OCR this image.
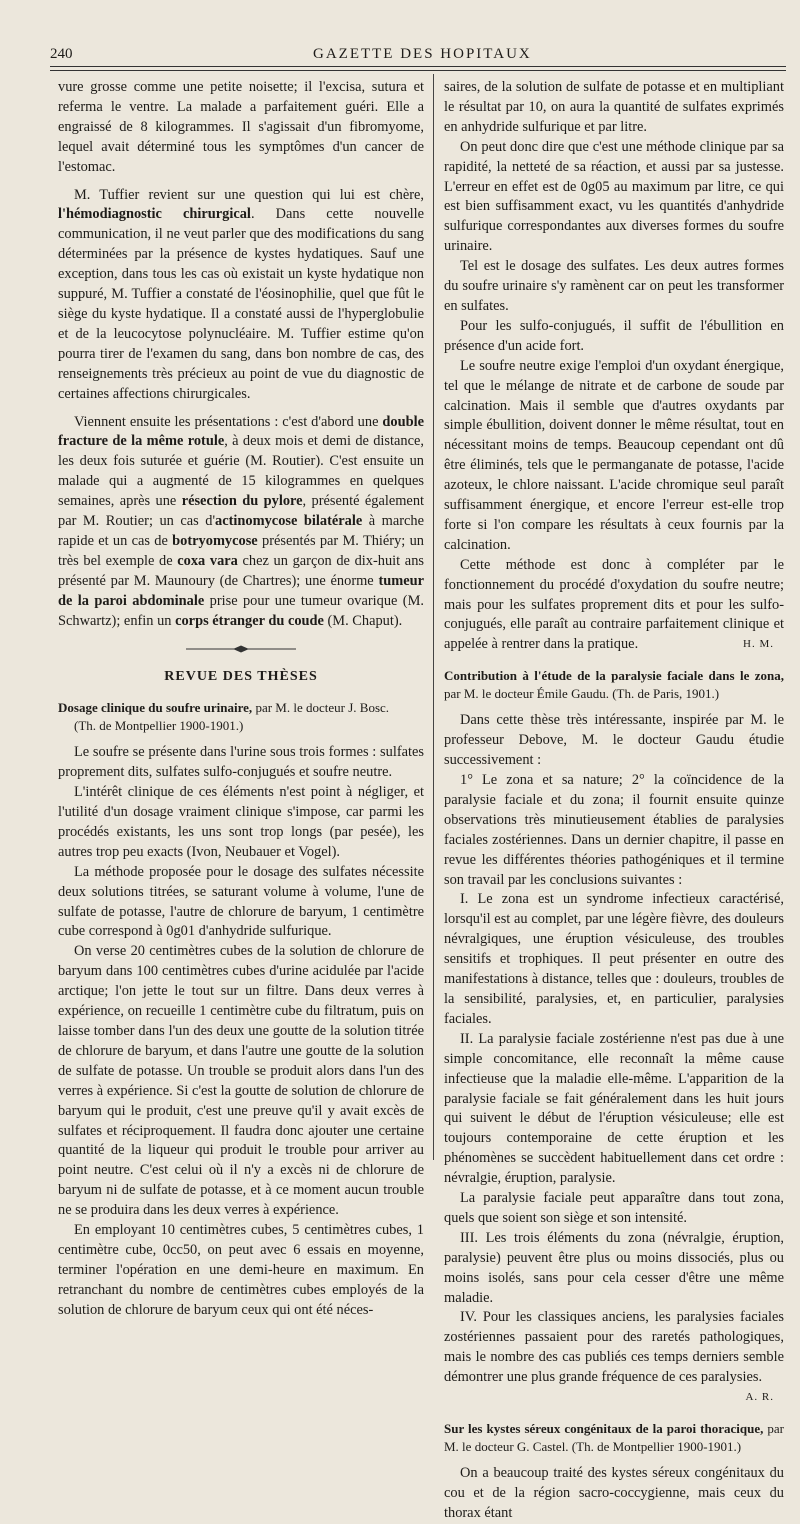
240	GAZETTE DES HOPITAUX

vure grosse comme une petite noisette; il l'excisa, sutura et referma le ventre. La malade a parfaitement guéri. Elle a engraissé de 8 kilogrammes. Il s'agissait d'un fibromyome, lequel avait déterminé tous les symptômes d'un cancer de l'estomac.

M. Tuffier revient sur une question qui lui est chère, l'hémodiagnostic chirurgical. Dans cette nouvelle communication, il ne veut parler que des modifications du sang déterminées par la présence de kystes hydatiques. Sauf une exception, dans tous les cas où existait un kyste hydatique non suppuré, M. Tuffier a constaté de l'éosinophilie, quel que fût le siège du kyste hydatique. Il a constaté aussi de l'hyperglobulie et de la leucocytose polynucléaire. M. Tuffier estime qu'on pourra tirer de l'examen du sang, dans bon nombre de cas, des renseignements très précieux au point de vue du diagnostic de certaines affections chirurgicales.

Viennent ensuite les présentations : c'est d'abord une double fracture de la même rotule, à deux mois et demi de distance, les deux fois suturée et guérie (M. Routier). C'est ensuite un malade qui a augmenté de 15 kilogrammes en quelques semaines, après une résection du pylore, présenté également par M. Routier; un cas d'actinomycose bilatérale à marche rapide et un cas de botryomycose présentés par M. Thiéry; un très bel exemple de coxa vara chez un garçon de dix-huit ans présenté par M. Maunoury (de Chartres); une énorme tumeur de la paroi abdominale prise pour une tumeur ovarique (M. Schwartz); enfin un corps étranger du coude (M. Chaput).

REVUE DES THÈSES
Dosage clinique du soufre urinaire, par M. le docteur J. Bosc.
(Th. de Montpellier 1900-1901.)

Le soufre se présente dans l'urine sous trois formes : sulfates proprement dits, sulfates sulfo-conjugués et soufre neutre.

L'intérêt clinique de ces éléments n'est point à négliger, et l'utilité d'un dosage vraiment clinique s'impose, car parmi les procédés existants, les uns sont trop longs (par pesée), les autres trop peu exacts (Ivon, Neubauer et Vogel).

La méthode proposée pour le dosage des sulfates nécessite deux solutions titrées, se saturant volume à volume, l'une de sulfate de potasse, l'autre de chlorure de baryum, 1 centimètre cube correspond à 0g01 d'anhydride sulfurique.

On verse 20 centimètres cubes de la solution de chlorure de baryum dans 100 centimètres cubes d'urine acidulée par l'acide arctique; l'on jette le tout sur un filtre. Dans deux verres à expérience, on recueille 1 centimètre cube du filtratum, puis on laisse tomber dans l'un des deux une goutte de la solution titrée de chlorure de baryum, et dans l'autre une goutte de la solution de sulfate de potasse. Un trouble se produit alors dans l'un des verres à expérience. Si c'est la goutte de solution de chlorure de baryum qui le produit, c'est une preuve qu'il y avait excès de sulfates et réciproquement. Il faudra donc ajouter une certaine quantité de la liqueur qui produit le trouble pour arriver au point neutre. C'est celui où il n'y a excès ni de chlorure de baryum ni de sulfate de potasse, et à ce moment aucun trouble ne se produira dans les deux verres à expérience.

En employant 10 centimètres cubes, 5 centimètres cubes, 1 centimètre cube, 0cc50, on peut avec 6 essais en moyenne, terminer l'opération en une demi-heure en maximum. En retranchant du nombre de centimètres cubes employés de la solution de chlorure de baryum ceux qui ont été néces-

saires, de la solution de sulfate de potasse et en multipliant le résultat par 10, on aura la quantité de sulfates exprimés en anhydride sulfurique et par litre.

On peut donc dire que c'est une méthode clinique par sa rapidité, la netteté de sa réaction, et aussi par sa justesse. L'erreur en effet est de 0g05 au maximum par litre, ce qui est bien suffisamment exact, vu les quantités d'anhydride sulfurique correspondantes aux diverses formes du soufre urinaire.

Tel est le dosage des sulfates. Les deux autres formes du soufre urinaire s'y ramènent car on peut les transformer en sulfates.

Pour les sulfo-conjugués, il suffit de l'ébullition en présence d'un acide fort.

Le soufre neutre exige l'emploi d'un oxydant énergique, tel que le mélange de nitrate et de carbone de soude par calcination. Mais il semble que d'autres oxydants par simple ébullition, doivent donner le même résultat, tout en nécessitant moins de temps. Beaucoup cependant ont dû être éliminés, tels que le permanganate de potasse, l'acide azoteux, le chlore naissant. L'acide chromique seul paraît suffisamment énergique, et encore l'erreur est-elle trop forte si l'on compare les résultats à ceux fournis par la calcination.

Cette méthode est donc à compléter par le fonctionnement du procédé d'oxydation du soufre neutre; mais pour les sulfates proprement dits et pour les sulfo-conjugués, elle paraît au contraire parfaitement clinique et appelée à rentrer dans la pratique.	H. M.

Contribution à l'étude de la paralysie faciale dans le zona, par M. le docteur Émile Gaudu. (Th. de Paris, 1901.)

Dans cette thèse très intéressante, inspirée par M. le professeur Debove, M. le docteur Gaudu étudie successivement :

1° Le zona et sa nature; 2° la coïncidence de la paralysie faciale et du zona; il fournit ensuite quinze observations très minutieusement établies de paralysies faciales zostériennes. Dans un dernier chapitre, il passe en revue les différentes théories pathogéniques et il termine son travail par les conclusions suivantes :

I. Le zona est un syndrome infectieux caractérisé, lorsqu'il est au complet, par une légère fièvre, des douleurs névralgiques, une éruption vésiculeuse, des troubles sensitifs et trophiques. Il peut présenter en outre des manifestations à distance, telles que : douleurs, troubles de la sensibilité, paralysies, et, en particulier, paralysies faciales.

II. La paralysie faciale zostérienne n'est pas due à une simple concomitance, elle reconnaît la même cause infectieuse que la maladie elle-même. L'apparition de la paralysie faciale se fait généralement dans les huit jours qui suivent le début de l'éruption vésiculeuse; elle est toujours contemporaine de cette éruption et les phénomènes se succèdent habituellement dans cet ordre : névralgie, éruption, paralysie.

La paralysie faciale peut apparaître dans tout zona, quels que soient son siège et son intensité.

III. Les trois éléments du zona (névralgie, éruption, paralysie) peuvent être plus ou moins dissociés, plus ou moins isolés, sans pour cela cesser d'être une même maladie.

IV. Pour les classiques anciens, les paralysies faciales zostériennes passaient pour des raretés pathologiques, mais le nombre des cas publiés ces temps derniers semble démontrer une plus grande fréquence de ces paralysies.

A. R.
Sur les kystes séreux congénitaux de la paroi thoracique, par M. le docteur G. Castel. (Th. de Montpellier 1900-1901.)

On a beaucoup traité des kystes séreux congénitaux du cou et de la région sacro-coccygienne, mais ceux du thorax étant
